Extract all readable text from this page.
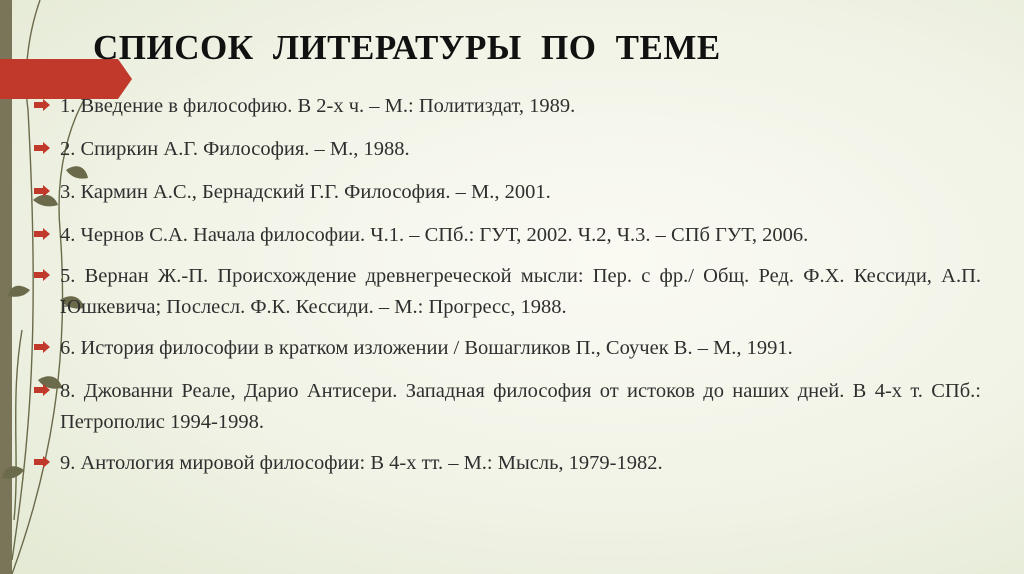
СПИСОК ЛИТЕРАТУРЫ ПО ТЕМЕ
1. Введение в философию. В 2-х ч. – М.: Политиздат, 1989.
2. Спиркин А.Г. Философия. – М., 1988.
3. Кармин А.С., Бернадский Г.Г. Философия. – М., 2001.
4. Чернов С.А. Начала философии. Ч.1. – СПб.: ГУТ, 2002. Ч.2, Ч.3. – СПб ГУТ, 2006.
5. Вернан Ж.-П. Происхождение древнегреческой мысли: Пер. с фр./ Общ. Ред. Ф.Х. Кессиди, А.П. Юшкевича; Послесл. Ф.К. Кессиди. – М.: Прогресс, 1988.
6. История философии в кратком изложении / Вошагликов П., Соучек В. – М., 1991.
8. Джованни Реале, Дарио Антисери. Западная философия от истоков до наших дней. В 4-х т. СПб.: Петрополис 1994-1998.
9. Антология мировой философии: В 4-х тт. – М.: Мысль, 1979-1982.
